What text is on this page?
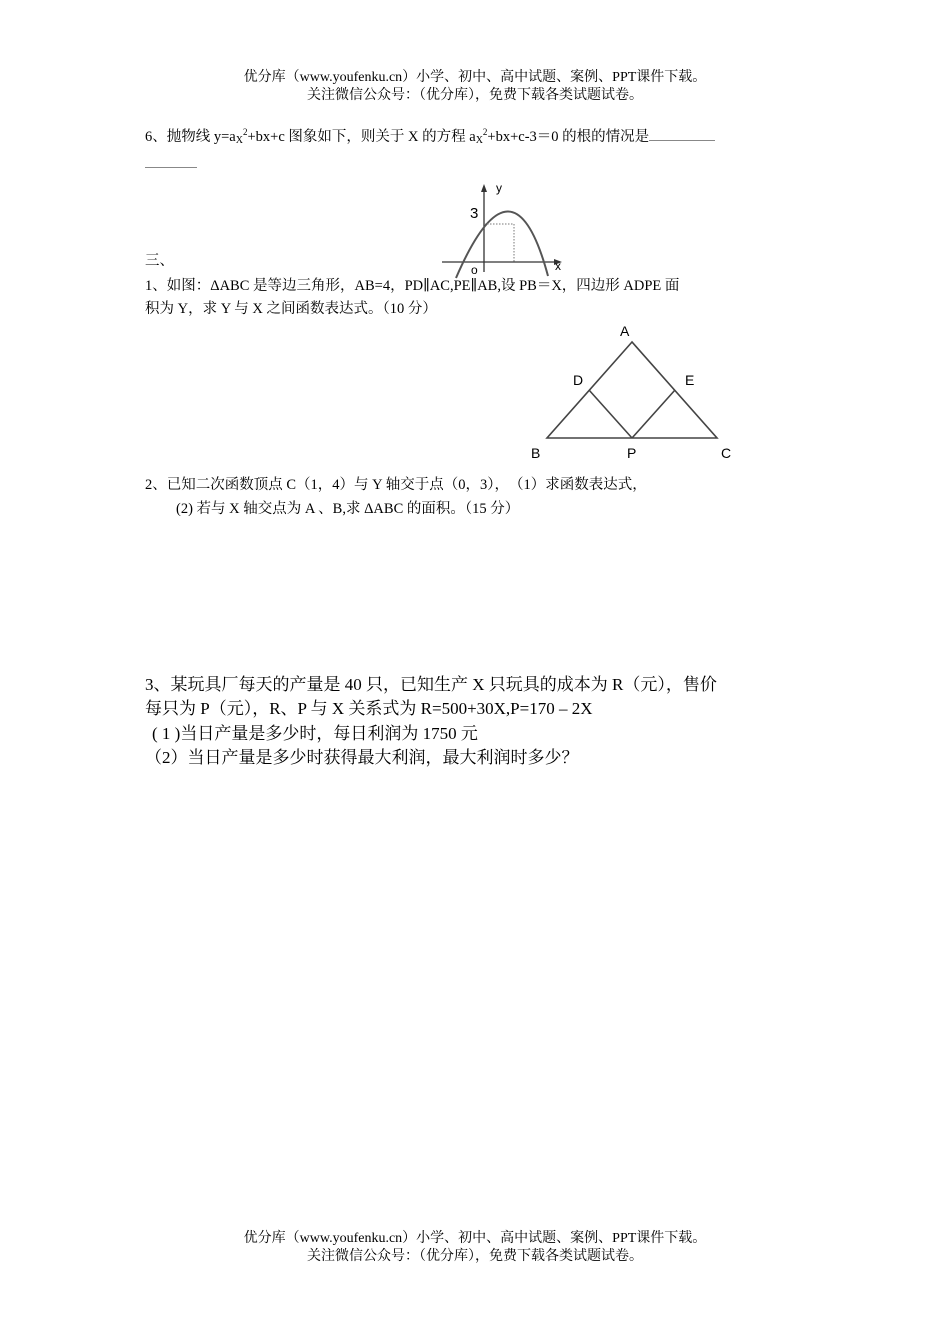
优分库（www.youfenku.cn）小学、初中、高中试题、案例、PPT课件下载。
关注微信公众号：（优分库），免费下载各类试题试卷。
6、抛物线 $y=aX^2+bx+c$ 图象如下，则关于 X 的方程 $aX^2+bx+c-3=0$ 的根的情况是
y
x
o
3
三、
1、如图：ΔABC 是等边三角形，AB=4，PD∥AC,PE∥AB,设 PB＝X，四边形 ADPE 面
积为 Y，求 Y 与 X 之间函数表达式。（10 分）
A
D	E
B	P	C
2、已知二次函数顶点 C（1，4）与 Y 轴交于点（0，3），　（1）求函数表达式，
(2) 若与 X 轴交点为 A 、B,求 ΔABC 的面积。（15 分）
3、某玩具厂每天的产量是 40 只，已知生产 X 只玩具的成本为 R（元），售价
每只为 P（元），R、P 与 X 关系式为 R=500+30X,P=170 – 2X
( 1 )当日产量是多少时，每日利润为 1750 元
（2）当日产量是多少时获得最大利润，最大利润时多少？
优分库（www.youfenku.cn）小学、初中、高中试题、案例、PPT课件下载。
关注微信公众号：（优分库），免费下载各类试题试卷。
